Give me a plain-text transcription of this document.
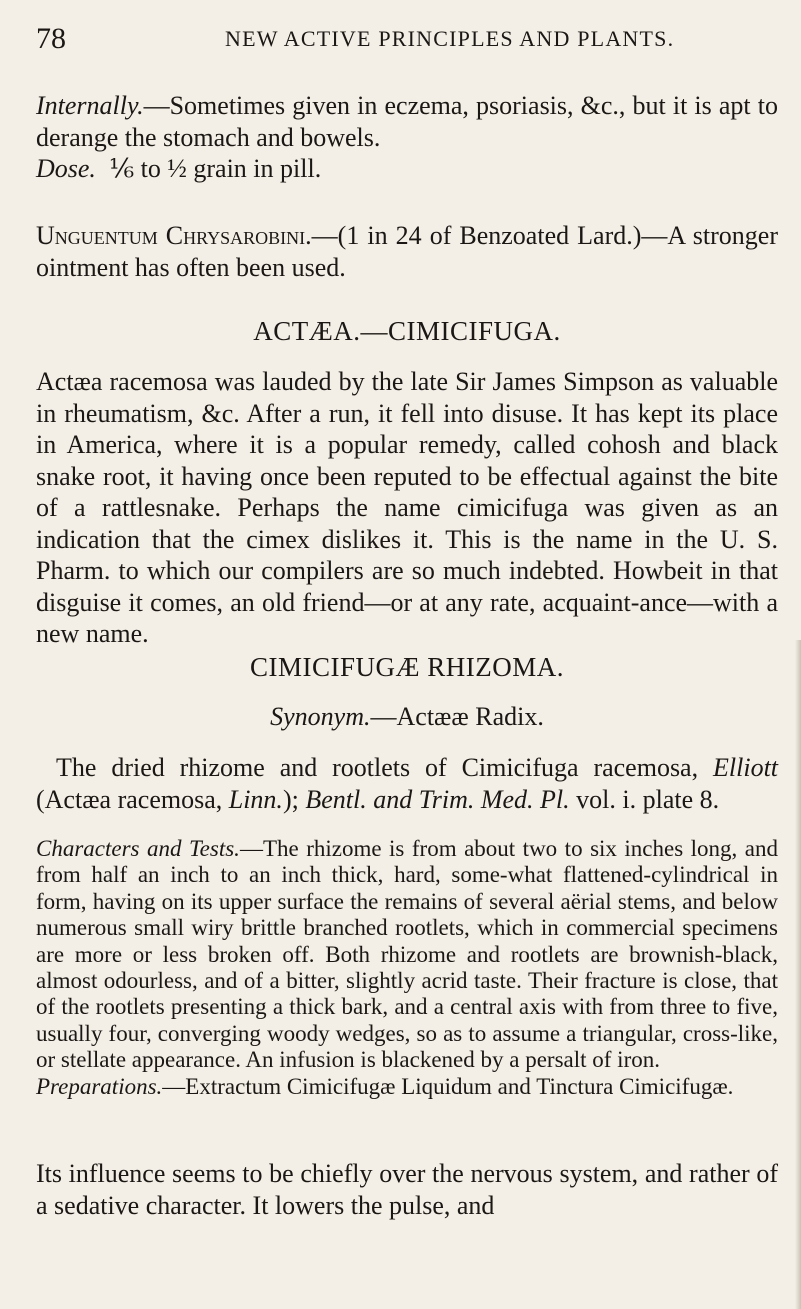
78	NEW ACTIVE PRINCIPLES AND PLANTS.

Internally.—Sometimes given in eczema, psoriasis, &c., but it is apt to derange the stomach and bowels.

Dose. ⅙ to ½ grain in pill.

Unguentum Chrysarobini.—(1 in 24 of Benzoated Lard.)—A stronger ointment has often been used.

ACTÆA.—CIMICIFUGA.

Actæa racemosa was lauded by the late Sir James Simpson as valuable in rheumatism, &c. After a run, it fell into disuse. It has kept its place in America, where it is a popular remedy, called cohosh and black snake root, it having once been reputed to be effectual against the bite of a rattlesnake. Perhaps the name cimicifuga was given as an indication that the cimex dislikes it. This is the name in the U. S. Pharm. to which our compilers are so much indebted. Howbeit in that disguise it comes, an old friend—or at any rate, acquaint-ance—with a new name.

CIMICIFUGÆ RHIZOMA.

Synonym.—Actææ Radix.

The dried rhizome and rootlets of Cimicifuga racemosa, Elliott (Actæa racemosa, Linn.); Bentl. and Trim. Med. Pl. vol. i. plate 8.

Characters and Tests.—The rhizome is from about two to six inches long, and from half an inch to an inch thick, hard, some-what flattened-cylindrical in form, having on its upper surface the remains of several aërial stems, and below numerous small wiry brittle branched rootlets, which in commercial specimens are more or less broken off. Both rhizome and rootlets are brownish-black, almost odourless, and of a bitter, slightly acrid taste. Their fracture is close, that of the rootlets presenting a thick bark, and a central axis with from three to five, usually four, converging woody wedges, so as to assume a triangular, cross-like, or stellate appearance. An infusion is blackened by a persalt of iron.

Preparations.—Extractum Cimicifugæ Liquidum and Tinctura Cimicifugæ.

Its influence seems to be chiefly over the nervous system, and rather of a sedative character. It lowers the pulse, and
